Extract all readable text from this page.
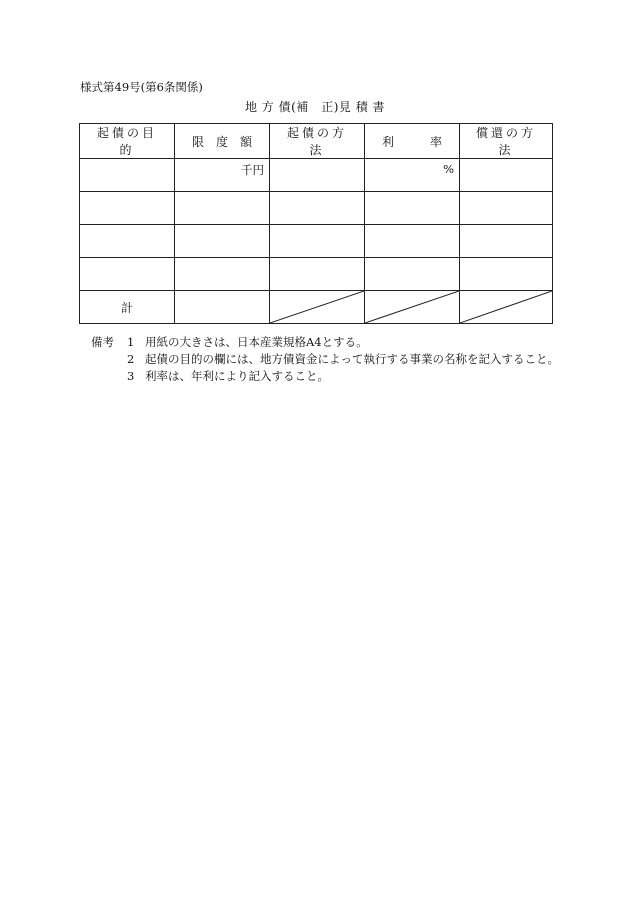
様式第49号(第6条関係)
地 方 債(補　正)見 積 書
起債の目的	限　度　額	起債の方法	利　　　率	償還の方法

	千円		%	

計		

備考	1 用紙の大きさは、日本産業規格A4とする。
2 起債の目的の欄には、地方債資金によって執行する事業の名称を記入すること。
3 利率は、年利により記入すること。
